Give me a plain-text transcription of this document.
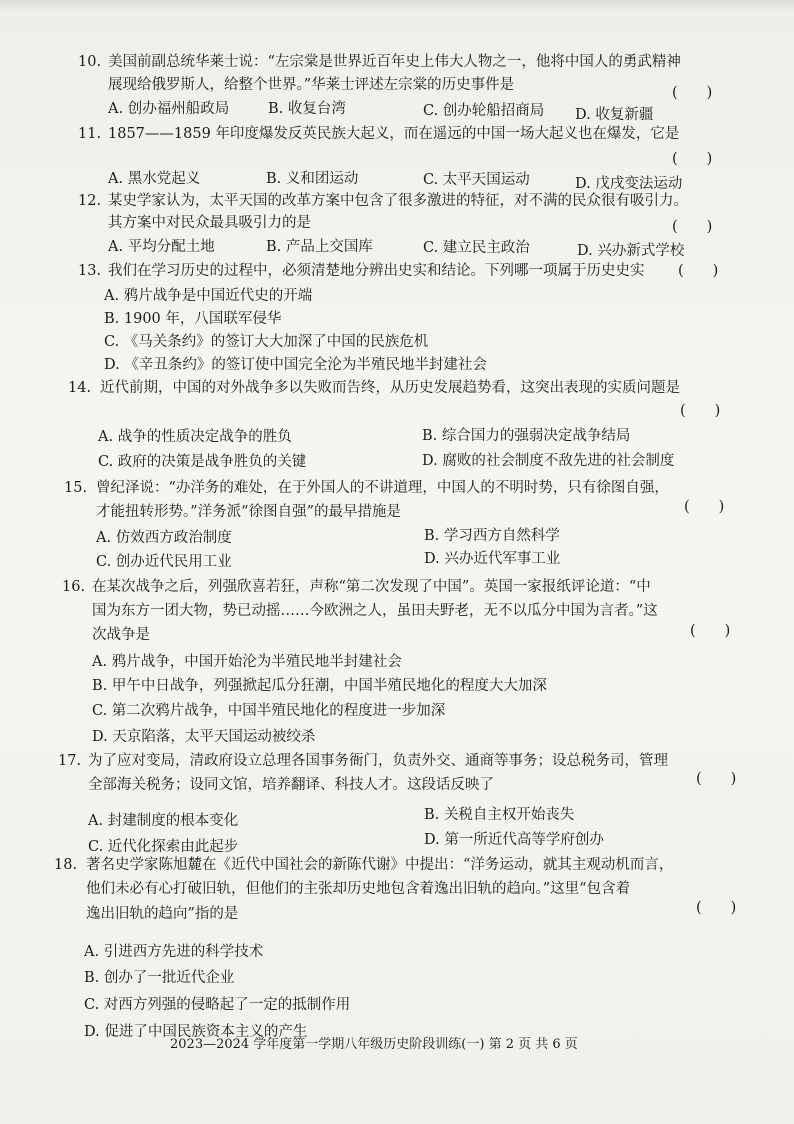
10. 美国前副总统华莱士说：“左宗棠是世界近百年史上伟大人物之一，他将中国人的勇武精神
展现给俄罗斯人，给整个世界。”华莱士评述左宗棠的历史事件是	(　　)
A. 创办福州船政局	B. 收复台湾	C. 创办轮船招商局 D. 收复新疆
11. 1857——1859 年印度爆发反英民族大起义，而在遥远的中国一场大起义也在爆发，它是
(　　)
A. 黑水党起义	B. 义和团运动	C. 太平天国运动	D. 戊戌变法运动
12. 某史学家认为，太平天国的改革方案中包含了很多激进的特征，对不满的民众很有吸引力。
其方案中对民众最具吸引力的是	(　　)
A. 平均分配土地	B. 产品上交国库	C. 建立民主政治	D. 兴办新式学校
13. 我们在学习历史的过程中，必须清楚地分辨出史实和结论。下列哪一项属于历史史实 (　　)
A. 鸦片战争是中国近代史的开端
B. 1900 年，八国联军侵华
C. 《马关条约》的签订大大加深了中国的民族危机
D. 《辛丑条约》的签订使中国完全沦为半殖民地半封建社会
14. 近代前期，中国的对外战争多以失败而告终，从历史发展趋势看，这突出表现的实质问题是
(　　)
A. 战争的性质决定战争的胜负	B. 综合国力的强弱决定战争结局
C. 政府的决策是战争胜负的关键	D. 腐败的社会制度不敌先进的社会制度
15. 曾纪泽说：“办洋务的难处，在于外国人的不讲道理，中国人的不明时势，只有徐图自强，
才能扭转形势。”洋务派“徐图自强”的最早措施是	(　　)
A. 仿效西方政治制度	B. 学习西方自然科学
C. 创办近代民用工业	D. 兴办近代军事工业
16. 在某次战争之后，列强欣喜若狂，声称“第二次发现了中国”。英国一家报纸评论道：“中
国为东方一团大物，势已动摇……今欧洲之人，虽田夫野老，无不以瓜分中国为言者。”这
次战争是	(　　)
A. 鸦片战争，中国开始沦为半殖民地半封建社会
B. 甲午中日战争，列强掀起瓜分狂潮，中国半殖民地化的程度大大加深
C. 第二次鸦片战争，中国半殖民地化的程度进一步加深
D. 天京陷落，太平天国运动被绞杀
17. 为了应对变局，清政府设立总理各国事务衙门，负责外交、通商等事务；设总税务司，管理
全部海关税务；设同文馆，培养翻译、科技人才。这段话反映了	(　　)
A. 封建制度的根本变化	B. 关税自主权开始丧失
C. 近代化探索由此起步	D. 第一所近代高等学府创办
18. 著名史学家陈旭麓在《近代中国社会的新陈代谢》中提出：“洋务运动，就其主观动机而言，
他们未必有心打破旧轨，但他们的主张却历史地包含着逸出旧轨的趋向。”这里“包含着
逸出旧轨的趋向”指的是	(　　)
A. 引进西方先进的科学技术
B. 创办了一批近代企业
C. 对西方列强的侵略起了一定的抵制作用
D. 促进了中国民族资本主义的产生
2023—2024 学年度第一学期八年级历史阶段训练(一) 第 2 页 共 6 页
